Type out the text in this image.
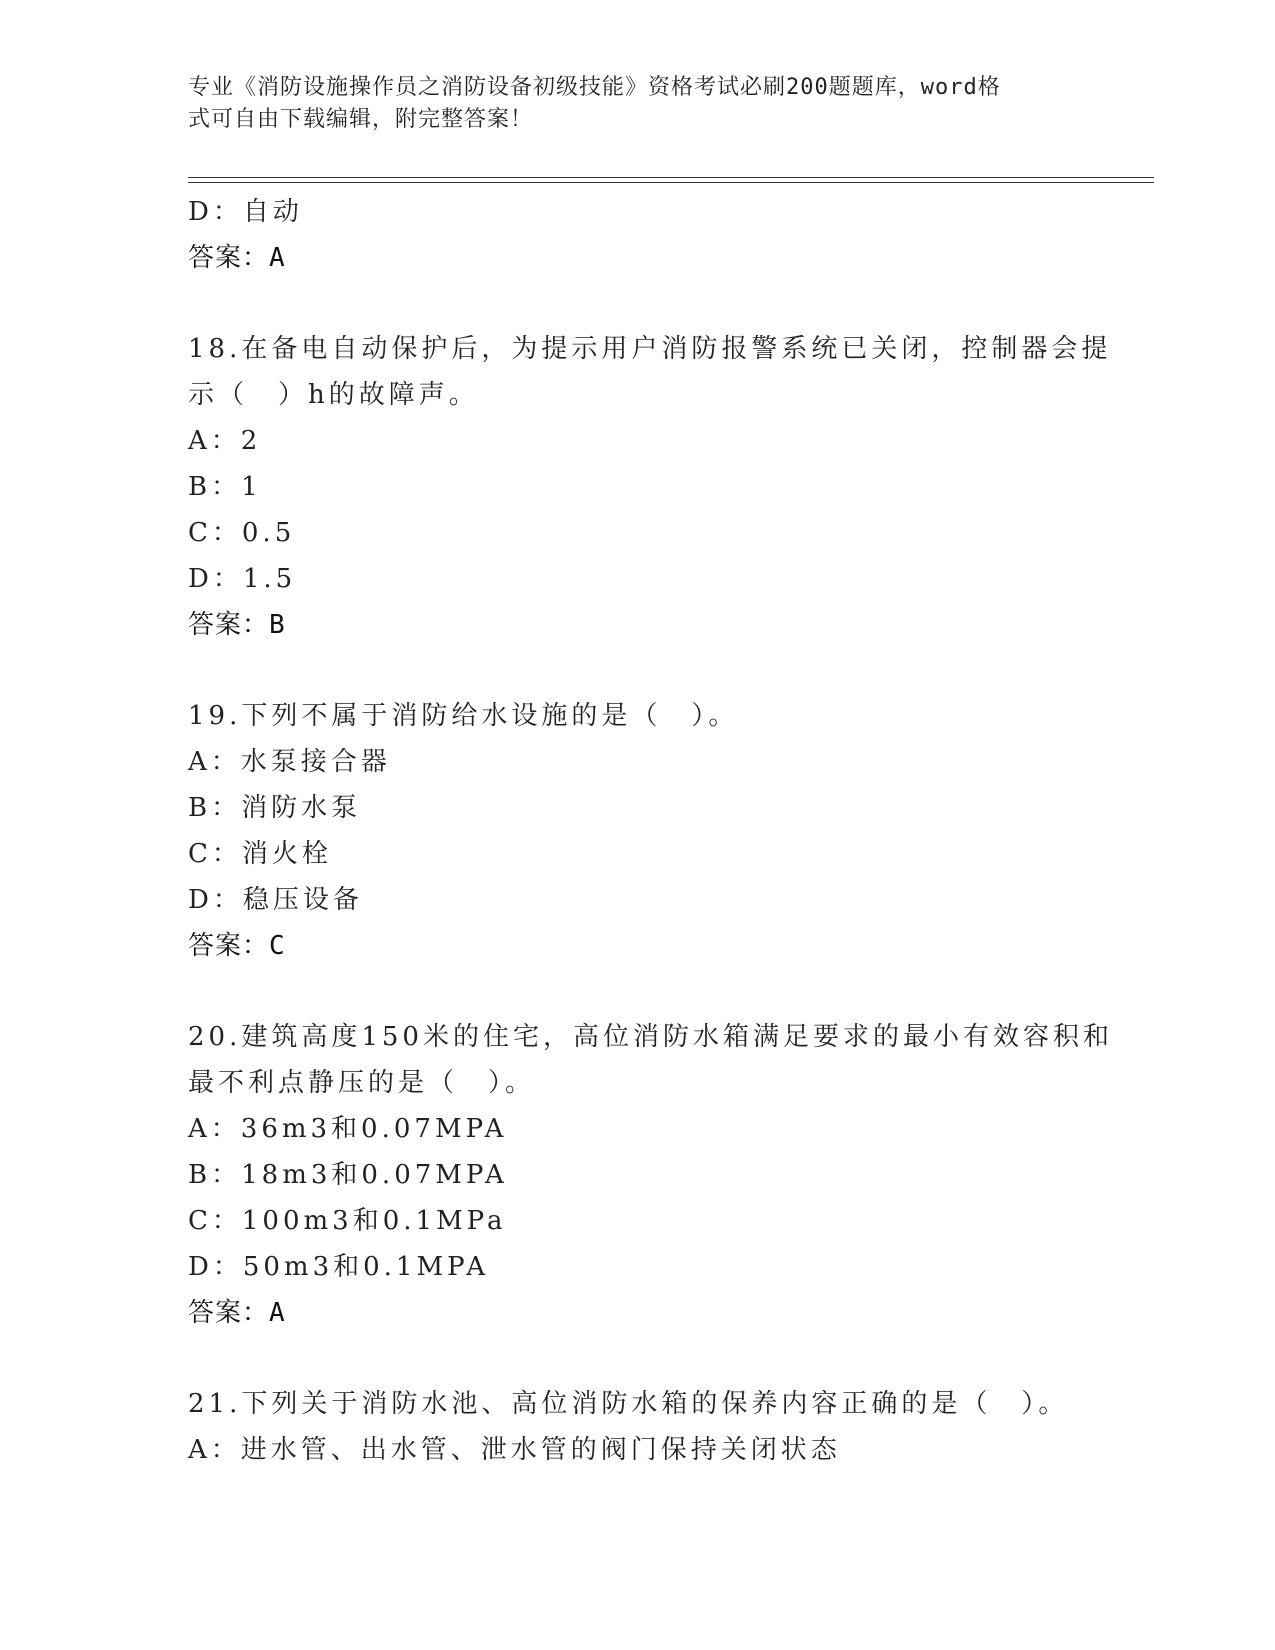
专业《消防设施操作员之消防设备初级技能》资格考试必刷200题题库，word格
式可自由下载编辑，附完整答案！
D：自动
答案：A
18.在备电自动保护后，为提示用户消防报警系统已关闭，控制器会提
示（　）h的故障声。
A：2
B：1
C：0.5
D：1.5
答案：B
19.下列不属于消防给水设施的是（　）。
A：水泵接合器
B：消防水泵
C：消火栓
D：稳压设备
答案：C
20.建筑高度150米的住宅，高位消防水箱满足要求的最小有效容积和
最不利点静压的是（　）。
A：36m3和0.07MPA
B：18m3和0.07MPA
C：100m3和0.1MPa
D：50m3和0.1MPA
答案：A
21.下列关于消防水池、高位消防水箱的保养内容正确的是（　）。
A：进水管、出水管、泄水管的阀门保持关闭状态
